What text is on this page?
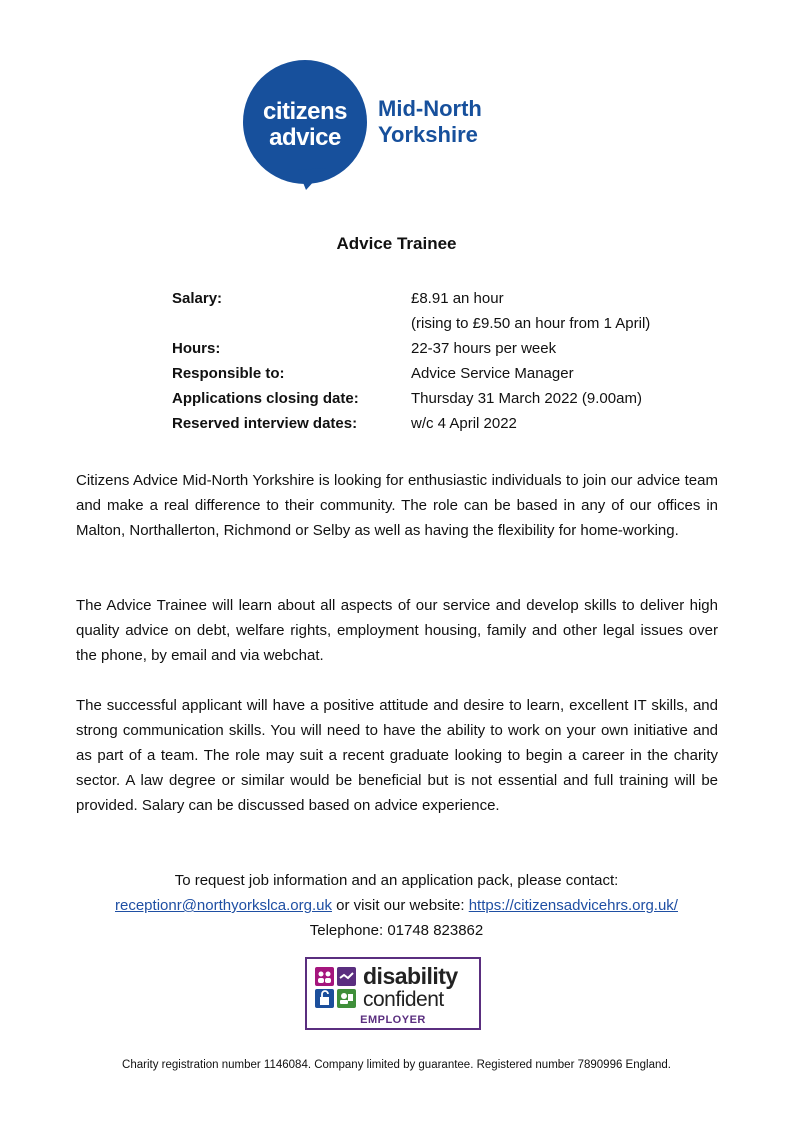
citizens
advice
Mid-North
Yorkshire
Advice Trainee
Salary:	£8.91 an hour
(rising to £9.50 an hour from 1 April)
Hours:	22-37 hours per week
Responsible to:	Advice Service Manager
Applications closing date:	Thursday 31 March 2022 (9.00am)
Reserved interview dates:	w/c 4 April 2022

Citizens Advice Mid-North Yorkshire is looking for enthusiastic individuals to join our advice team and make a real difference to their community. The role can be based in any of our offices in Malton, Northallerton, Richmond or Selby as well as having the flexibility for home-working.

The Advice Trainee will learn about all aspects of our service and develop skills to deliver high quality advice on debt, welfare rights, employment housing, family and other legal issues over the phone, by email and via webchat.

The successful applicant will have a positive attitude and desire to learn, excellent IT skills, and strong communication skills. You will need to have the ability to work on your own initiative and as part of a team. The role may suit a recent graduate looking to begin a career in the charity sector. A law degree or similar would be beneficial but is not essential and full training will be provided. Salary can be discussed based on advice experience.

To request job information and an application pack, please contact:
receptionr@northyorkslca.org.uk or visit our website: https://citizensadvicehrs.org.uk/
Telephone: 01748 823862
disability
confident
EMPLOYER
Charity registration number 1146084. Company limited by guarantee. Registered number 7890996 England.
